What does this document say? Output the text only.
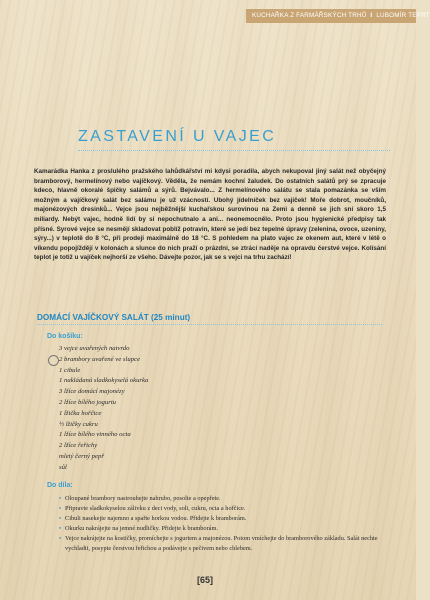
KUCHAŘKA Z FARMÁŘSKÝCH TRHŮ I LUBOMÍR TEPRT
ZASTAVENÍ U VAJEC

Kamarádka Hanka z proslulého pražského lahůdkářství mi kdysi poradila, abych nekupoval jiný salát než obyčejný bramborový, hermelínový nebo vajíčkový. Věděla, že nemám kochní žaludek. Do ostatních salátů prý se zpracuje kdeco, hlavně okoralé špičky salámů a sýrů. Bejvávalo... Z hermelínového salátu se stala pomazánka se vším možným a vajíčkový salát bez salámu je už vzácností. Ubohý jídelníček bez vajíček! Moře dobrot, moučníků, majonézových dresinků... Vejce jsou nejběžnější kuchařskou surovinou na Zemi a denně se jich sní skoro 1,5 miliardy. Nebýt vajec, hodně lidí by si nepochutnalo a ani... neonemocnělo. Proto jsou hygienické předpisy tak přísné. Syrové vejce se nesmějí skladovat poblíž potravin, které se jedí bez tepelné úpravy (zelenina, ovoce, uzeniny, sýry...) v teplotě do 8 °C, při prodeji maximálně do 18 °C. S pohledem na plato vajec ze okenem aut, které v létě o víkendu popojíždějí v kolonách a slunce do nich praží o prázdni, se ztrácí naděje na opravdu čerstvé vejce. Kolísání teplot je totiž u vajíček nejhorší ze všeho. Dávejte pozor, jak se s vejci na trhu zachází!

DOMÁCÍ VAJÍČKOVÝ SALÁT (25 minut)
Do košíku:
3 vejce uvařených natvrdo
2 brambory uvařené ve slupce
1 cibule
1 nakládaná sladkokyselá okurka
3 lžíce domácí majonézy
2 lžíce bílého jogurtu
1 lžička hořčice
½ lžičky cukru
1 lžíce bílého vinného octa
2 lžíce řeřichy
mletý černý pepř
sůl
Do díla:
• Oloupané brambory nastrouhejte nahrubo, posolte a opepřete.
• Připravte sladkokyselou zálivku z deci vody, soli, cukru, octa a hořčice.
• Cibuli nasekejte najemno a spařte horkou vodou. Přidejte k bramborám.
• Okurku nakrájejte na jemné nudličky. Přidejte k bramborám.
• Vejce nakrájejte na kostičky, promíchejte s jogurtem a majonézou. Potom vmíchejte do bramborového základu. Salát nechte vychladit, posypte čerstvou řeřichou a podávejte s pečivem nebo chlebem.
[65]
